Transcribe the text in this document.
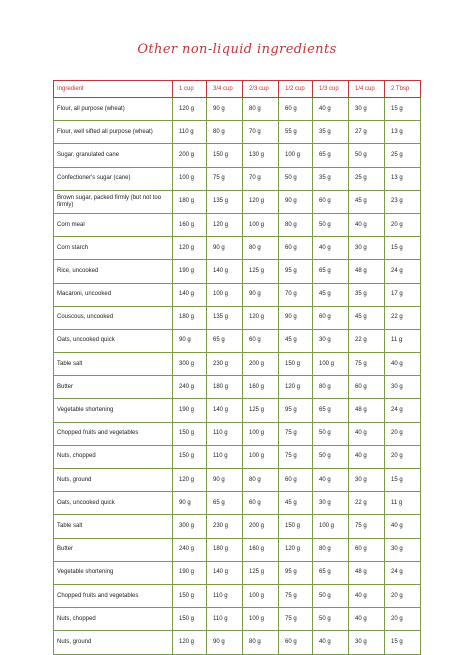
Other non-liquid ingredients
Ingredient	1 cup	3/4 cup	2/3 cup	1/2 cup	1/3 cup	1/4 cup	2 Tbsp
Flour, all purpose (wheat)	120 g	90 g	80 g	60 g	40 g	30 g	15 g
Flour, well sifted all purpose (wheat)	110 g	80 g	70 g	55 g	35 g	27 g	13 g
Sugar, granulated cane	200 g	150 g	130 g	100 g	65 g	50 g	25 g
Confectioner's sugar (cane)	100 g	75 g	70 g	50 g	35 g	25 g	13 g
Brown sugar, packed firmly (but not too firmly)	180 g	135 g	120 g	90 g	60 g	45 g	23 g
Corn meal	160 g	120 g	100 g	80 g	50 g	40 g	20 g
Corn starch	120 g	90 g	80 g	60 g	40 g	30 g	15 g
Rice, uncooked	190 g	140 g	125 g	95 g	65 g	48 g	24 g
Macaroni, uncooked	140 g	100 g	90 g	70 g	45 g	35 g	17 g
Couscous, uncooked	180 g	135 g	120 g	90 g	60 g	45 g	22 g
Oats, uncooked quick	90 g	65 g	60 g	45 g	30 g	22 g	11 g
Table salt	300 g	230 g	200 g	150 g	100 g	75 g	40 g
Butter	240 g	180 g	160 g	120 g	80 g	60 g	30 g
Vegetable shortening	190 g	140 g	125 g	95 g	65 g	48 g	24 g
Chopped fruits and vegetables	150 g	110 g	100 g	75 g	50 g	40 g	20 g
Nuts, chopped	150 g	110 g	100 g	75 g	50 g	40 g	20 g
Nuts, ground	120 g	90 g	80 g	60 g	40 g	30 g	15 g
Oats, uncooked quick	90 g	65 g	60 g	45 g	30 g	22 g	11 g
Table salt	300 g	230 g	200 g	150 g	100 g	75 g	40 g
Butter	240 g	180 g	160 g	120 g	80 g	60 g	30 g
Vegetable shortening	190 g	140 g	125 g	95 g	65 g	48 g	24 g
Chopped fruits and vegetables	150 g	110 g	100 g	75 g	50 g	40 g	20 g
Nuts, chopped	150 g	110 g	100 g	75 g	50 g	40 g	20 g
Nuts, ground	120 g	90 g	80 g	60 g	40 g	30 g	15 g
